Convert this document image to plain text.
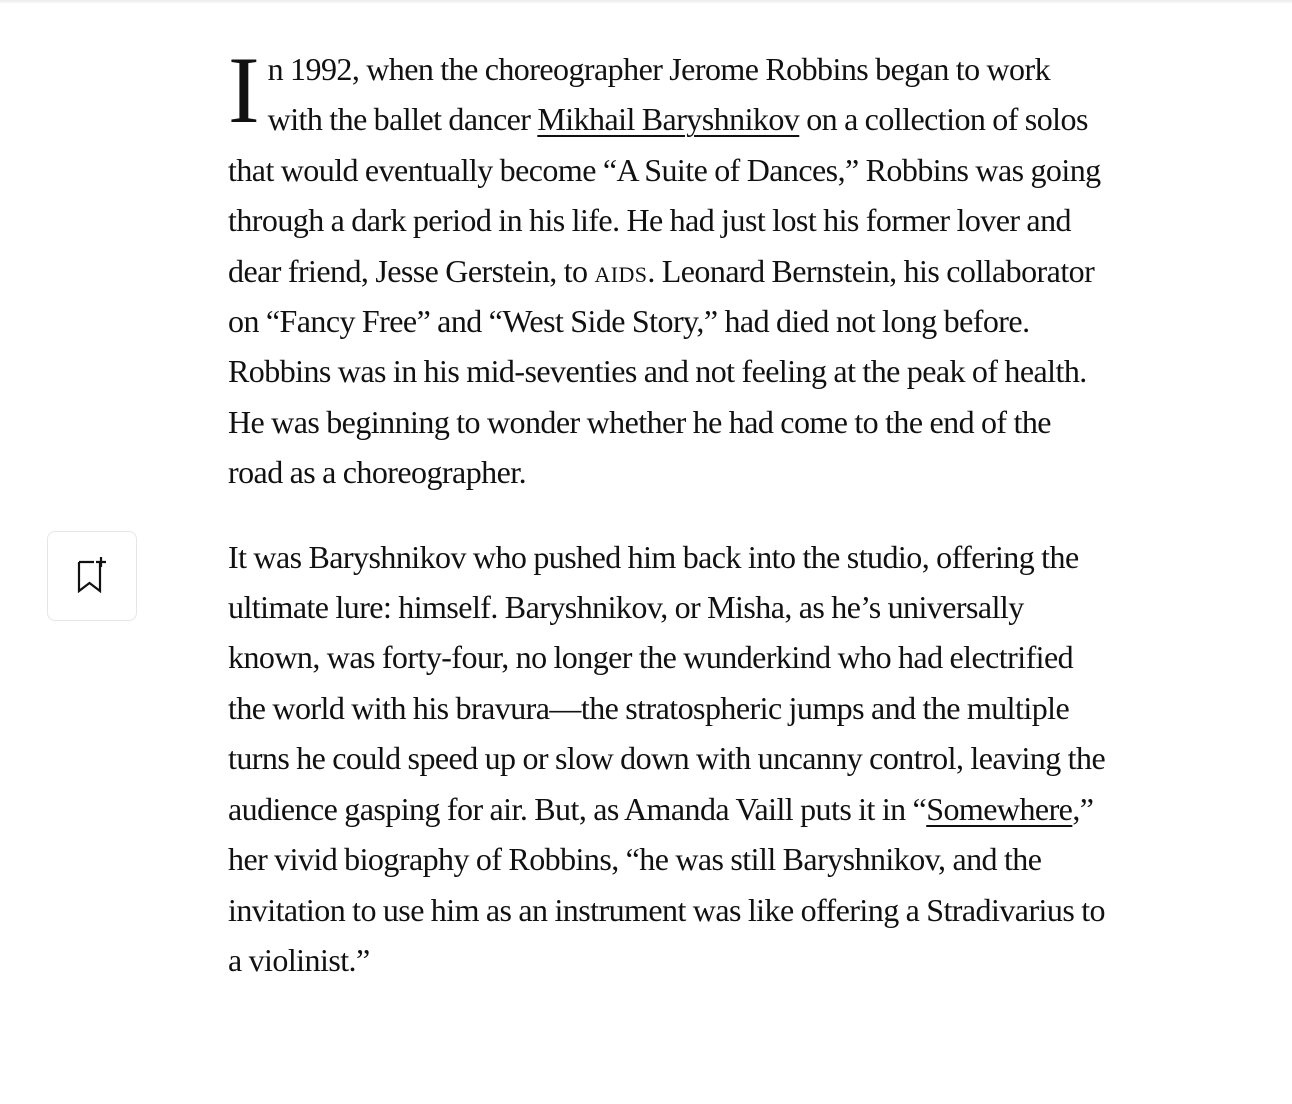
In 1992, when the choreographer Jerome Robbins began to work with the ballet dancer Mikhail Baryshnikov on a collection of solos that would eventually become “A Suite of Dances,” Robbins was going through a dark period in his life. He had just lost his former lover and dear friend, Jesse Gerstein, to aids. Leonard Bernstein, his collaborator on “Fancy Free” and “West Side Story,” had died not long before. Robbins was in his mid-seventies and not feeling at the peak of health. He was beginning to wonder whether he had come to the end of the road as a choreographer.

It was Baryshnikov who pushed him back into the studio, offering the ultimate lure: himself. Baryshnikov, or Misha, as he’s universally known, was forty-four, no longer the wunderkind who had electrified the world with his bravura—the stratospheric jumps and the multiple turns he could speed up or slow down with uncanny control, leaving the audience gasping for air. But, as Amanda Vaill puts it in “Somewhere,” her vivid biography of Robbins, “he was still Baryshnikov, and the invitation to use him as an instrument was like offering a Stradivarius to a violinist.”
